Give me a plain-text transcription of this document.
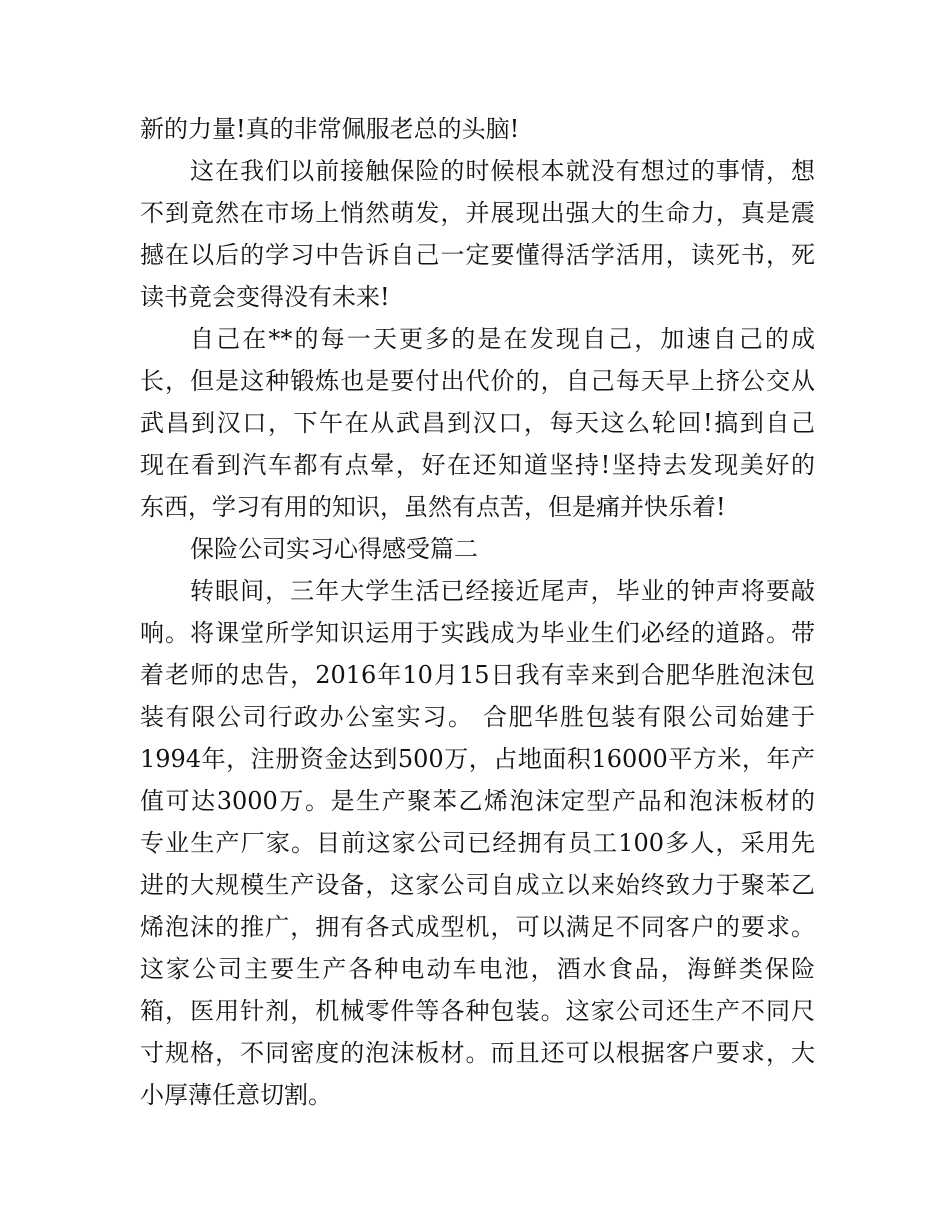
新的力量!真的非常佩服老总的头脑!
这在我们以前接触保险的时候根本就没有想过的事情，想
不到竟然在市场上悄然萌发，并展现出强大的生命力，真是震
撼在以后的学习中告诉自己一定要懂得活学活用，读死书，死
读书竟会变得没有未来!
自己在**的每一天更多的是在发现自己，加速自己的成
长，但是这种锻炼也是要付出代价的，自己每天早上挤公交从
武昌到汉口，下午在从武昌到汉口，每天这么轮回!搞到自己
现在看到汽车都有点晕，好在还知道坚持!坚持去发现美好的
东西，学习有用的知识，虽然有点苦，但是痛并快乐着!
保险公司实习心得感受篇二
转眼间，三年大学生活已经接近尾声，毕业的钟声将要敲
响。将课堂所学知识运用于实践成为毕业生们必经的道路。带
着老师的忠告，2016年10月15日我有幸来到合肥华胜泡沫包
装有限公司行政办公室实习。 合肥华胜包装有限公司始建于
1994年，注册资金达到500万，占地面积16000平方米，年产
值可达3000万。是生产聚苯乙烯泡沫定型产品和泡沫板材的
专业生产厂家。目前这家公司已经拥有员工100多人，采用先
进的大规模生产设备，这家公司自成立以来始终致力于聚苯乙
烯泡沫的推广，拥有各式成型机，可以满足不同客户的要求。
这家公司主要生产各种电动车电池，酒水食品，海鲜类保险
箱，医用针剂，机械零件等各种包装。这家公司还生产不同尺
寸规格，不同密度的泡沫板材。而且还可以根据客户要求，大
小厚薄任意切割。
